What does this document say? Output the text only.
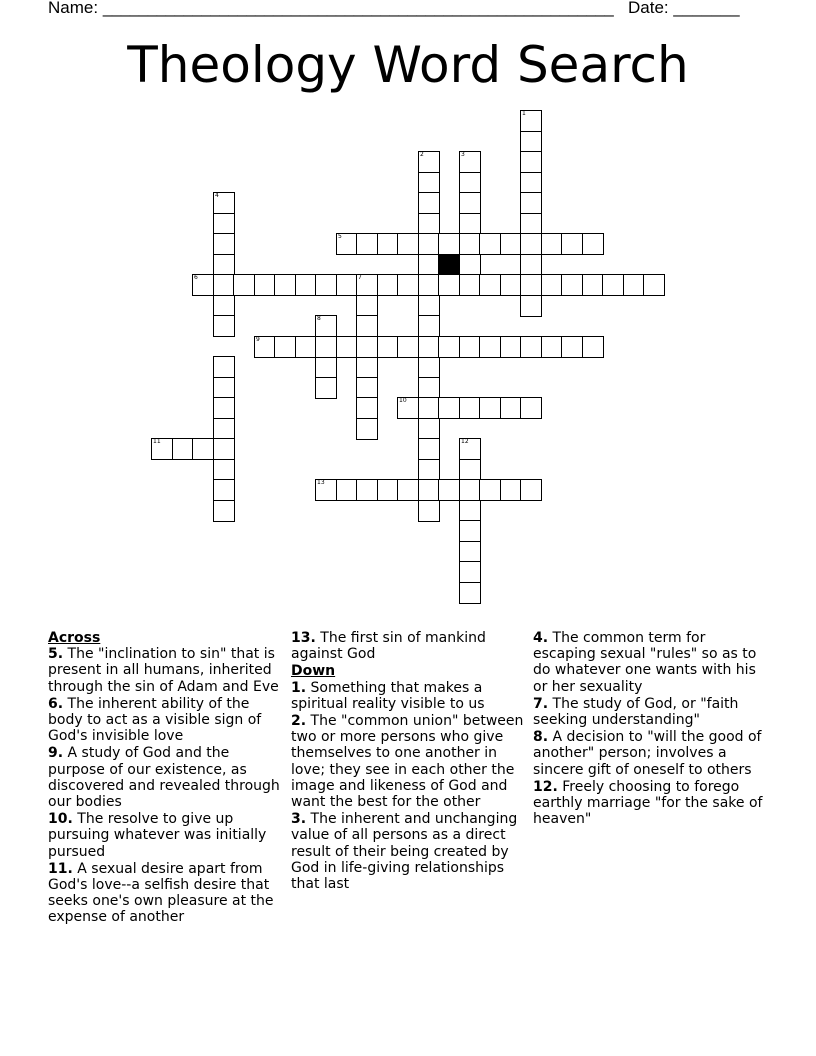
Name: _________________________________________________________ Date: _______
Theology Word Search
1
2	3
4
5
6	7
8
9
10
11	12
13

Across

5. The "inclination to sin" that is present in all humans, inherited through the sin of Adam and Eve

6. The inherent ability of the body to act as a visible sign of God's invisible love

9. A study of God and the purpose of our existence, as discovered and revealed through our bodies

10. The resolve to give up pursuing whatever was initially pursued

11. A sexual desire apart from God's love--a selfish desire that seeks one's own pleasure at the expense of another

13. The first sin of mankind against God

Down

1. Something that makes a spiritual reality visible to us

2. The "common union" between two or more persons who give themselves to one another in love; they see in each other the image and likeness of God and want the best for the other

3. The inherent and unchanging value of all persons as a direct result of their being created by God in life-giving relationships that last

4. The common term for escaping sexual "rules" so as to do whatever one wants with his or her sexuality

7. The study of God, or "faith seeking understanding"

8. A decision to "will the good of another" person; involves a sincere gift of oneself to others

12. Freely choosing to forego earthly marriage "for the sake of heaven"
